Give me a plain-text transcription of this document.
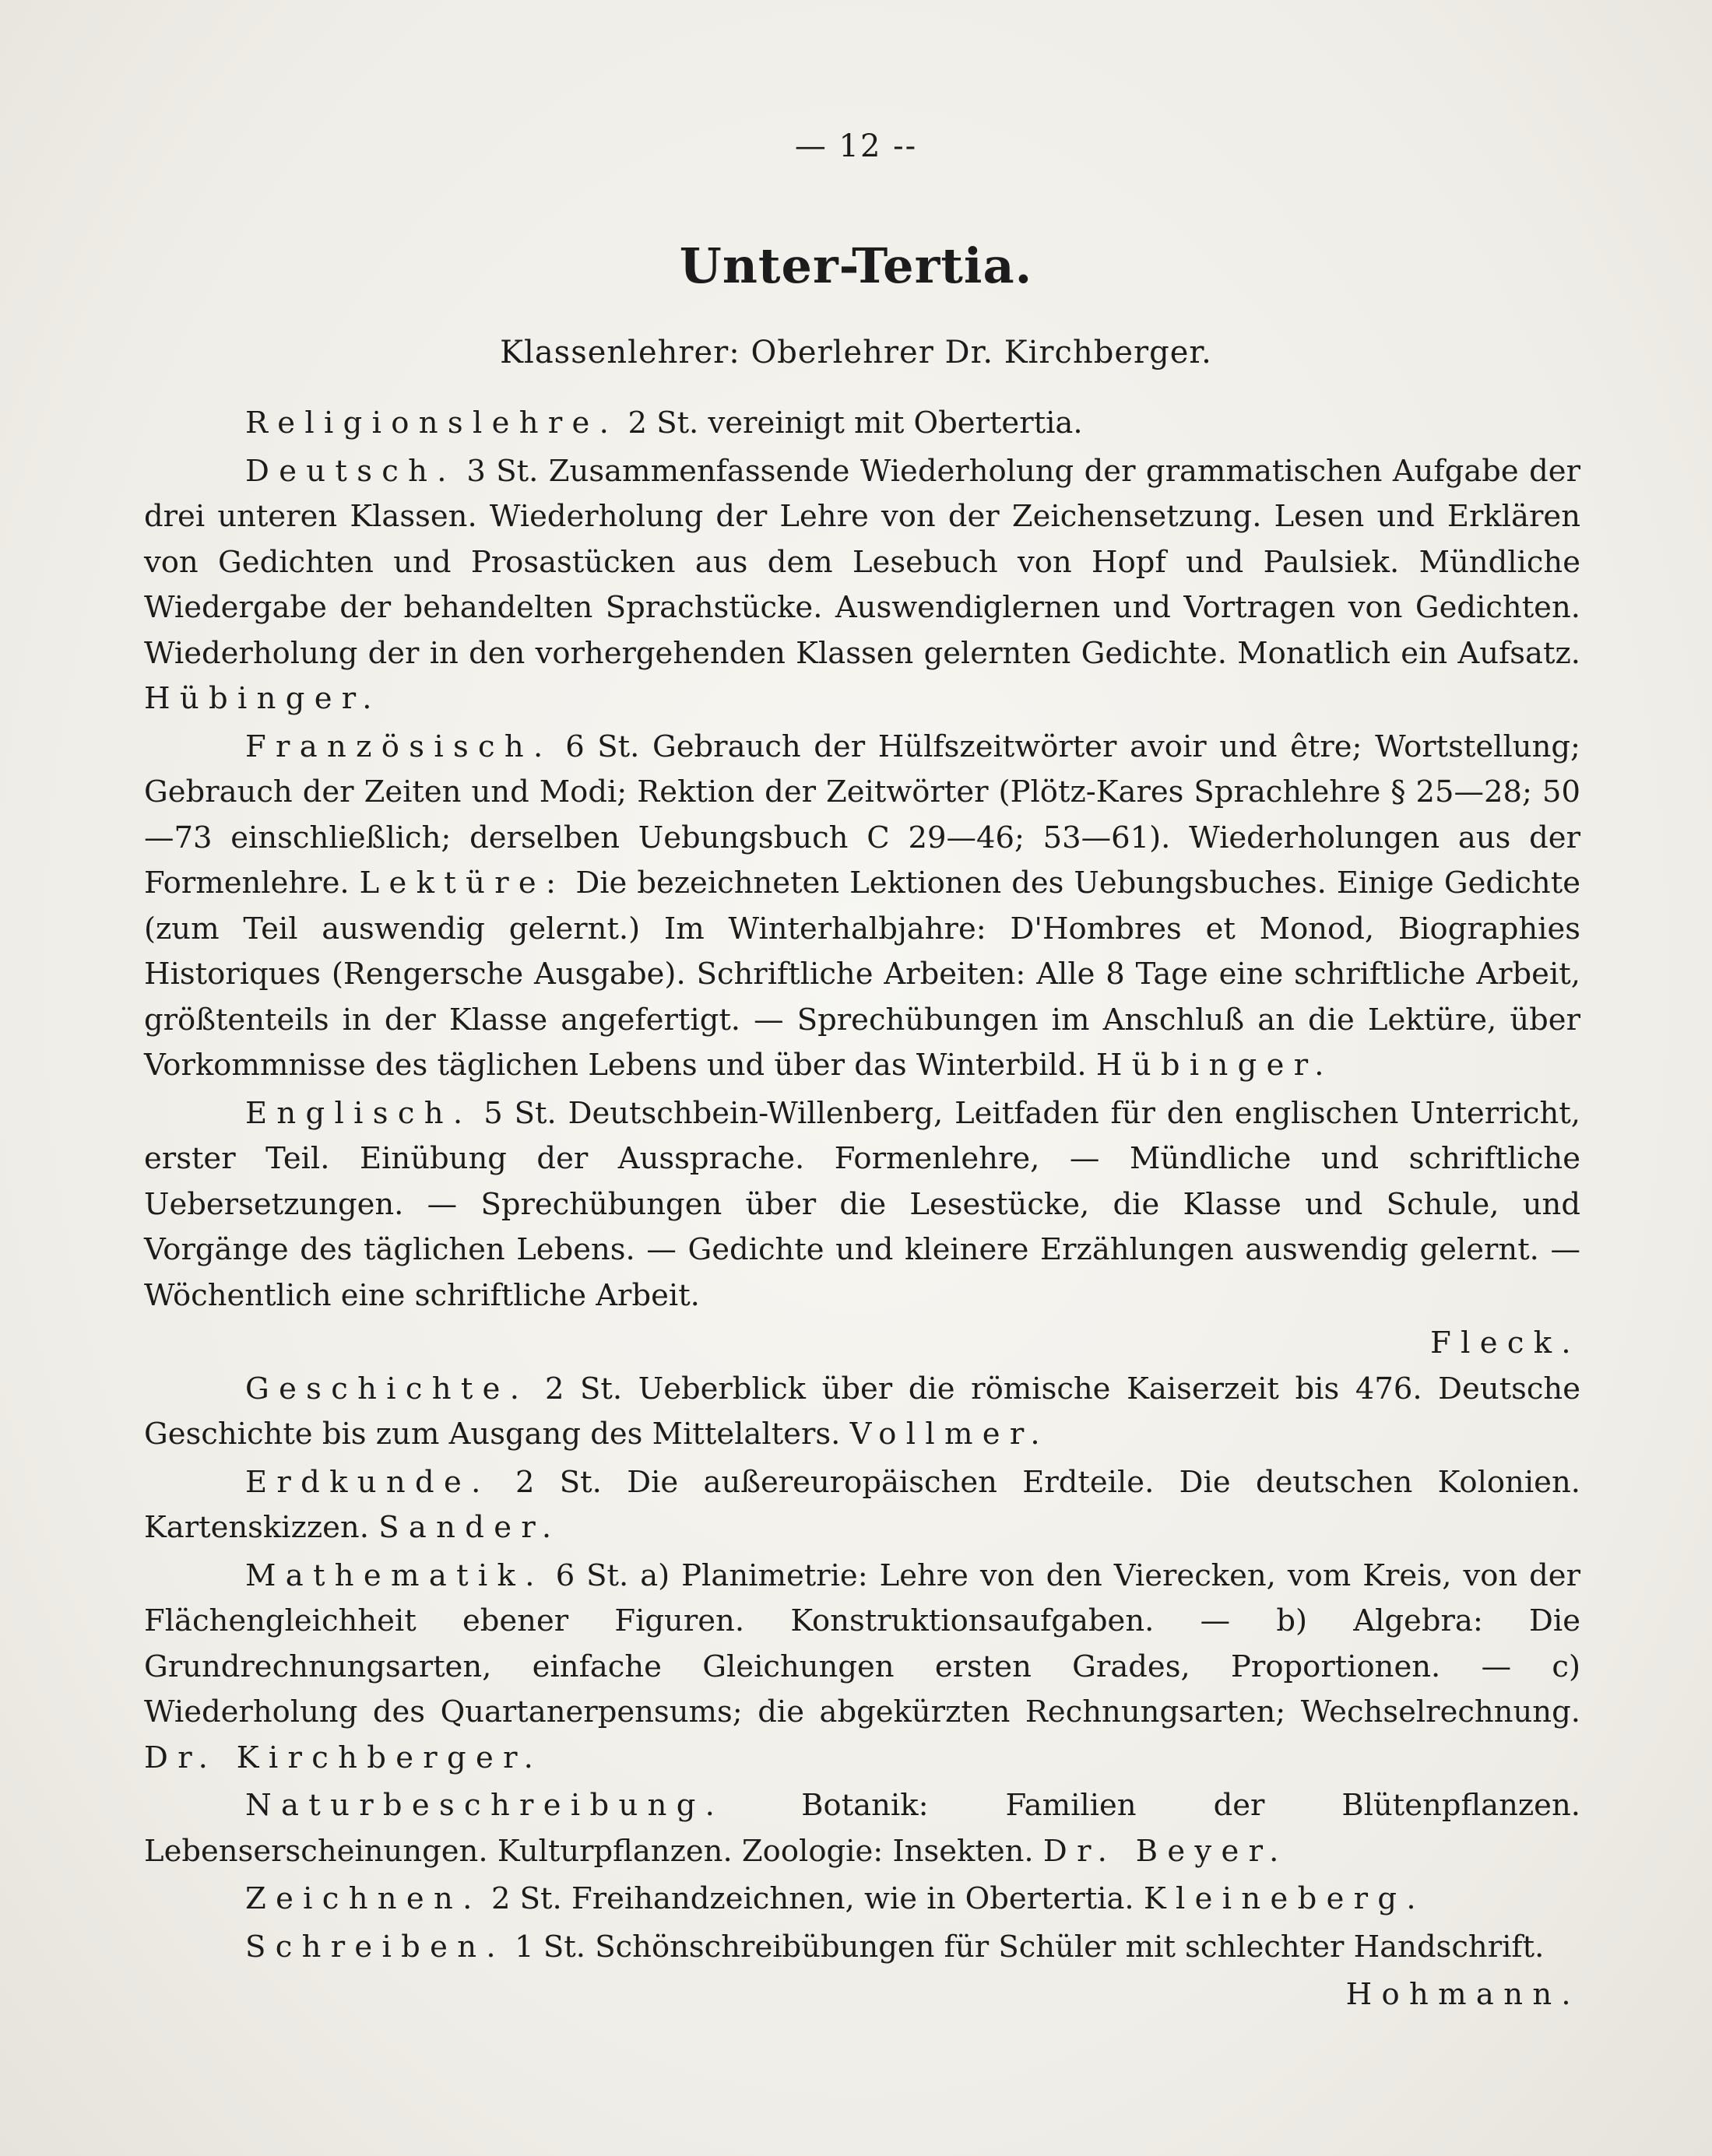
— 12 --
Unter-Tertia.
Klassenlehrer: Oberlehrer Dr. Kirchberger.

Religionslehre. 2 St. vereinigt mit Obertertia.

Deutsch. 3 St. Zusammenfassende Wiederholung der grammatischen Aufgabe der drei unteren Klassen. Wiederholung der Lehre von der Zeichensetzung. Lesen und Erklären von Gedichten und Prosastücken aus dem Lesebuch von Hopf und Paulsiek. Mündliche Wiedergabe der behandelten Sprachstücke. Auswendiglernen und Vortragen von Gedichten. Wiederholung der in den vorhergehenden Klassen gelernten Gedichte. Monatlich ein Aufsatz. Hübinger.

Französisch. 6 St. Gebrauch der Hülfszeitwörter avoir und être; Wortstellung; Gebrauch der Zeiten und Modi; Rektion der Zeitwörter (Plötz-Kares Sprachlehre § 25—28; 50—73 einschließlich; derselben Uebungsbuch C 29—46; 53—61). Wiederholungen aus der Formenlehre. Lektüre: Die bezeichneten Lektionen des Uebungsbuches. Einige Gedichte (zum Teil auswendig gelernt.) Im Winterhalbjahre: D'Hombres et Monod, Biographies Historiques (Rengersche Ausgabe). Schriftliche Arbeiten: Alle 8 Tage eine schriftliche Arbeit, größtenteils in der Klasse angefertigt. — Sprechübungen im Anschluß an die Lektüre, über Vorkommnisse des täglichen Lebens und über das Winterbild. Hübinger.

Englisch. 5 St. Deutschbein-Willenberg, Leitfaden für den englischen Unterricht, erster Teil. Einübung der Aussprache. Formenlehre, — Mündliche und schriftliche Uebersetzungen. — Sprechübungen über die Lesestücke, die Klasse und Schule, und Vorgänge des täglichen Lebens. — Gedichte und kleinere Erzählungen auswendig gelernt. — Wöchentlich eine schriftliche Arbeit.

Fleck.

Geschichte. 2 St. Ueberblick über die römische Kaiserzeit bis 476. Deutsche Geschichte bis zum Ausgang des Mittelalters. Vollmer.

Erdkunde. 2 St. Die außereuropäischen Erdteile. Die deutschen Kolonien. Kartenskizzen. Sander.

Mathematik. 6 St. a) Planimetrie: Lehre von den Vierecken, vom Kreis, von der Flächengleichheit ebener Figuren. Konstruktionsaufgaben. — b) Algebra: Die Grundrechnungsarten, einfache Gleichungen ersten Grades, Proportionen. — c) Wiederholung des Quartanerpensums; die abgekürzten Rechnungsarten; Wechselrechnung. Dr. Kirchberger.

Naturbeschreibung.	Botanik: Familien der Blütenpflanzen. Lebenserscheinungen. Kulturpflanzen. Zoologie: Insekten. Dr. Beyer.

Zeichnen. 2 St. Freihandzeichnen, wie in Obertertia. Kleineberg.

Schreiben. 1 St. Schönschreibübungen für Schüler mit schlechter Handschrift.

Hohmann.
